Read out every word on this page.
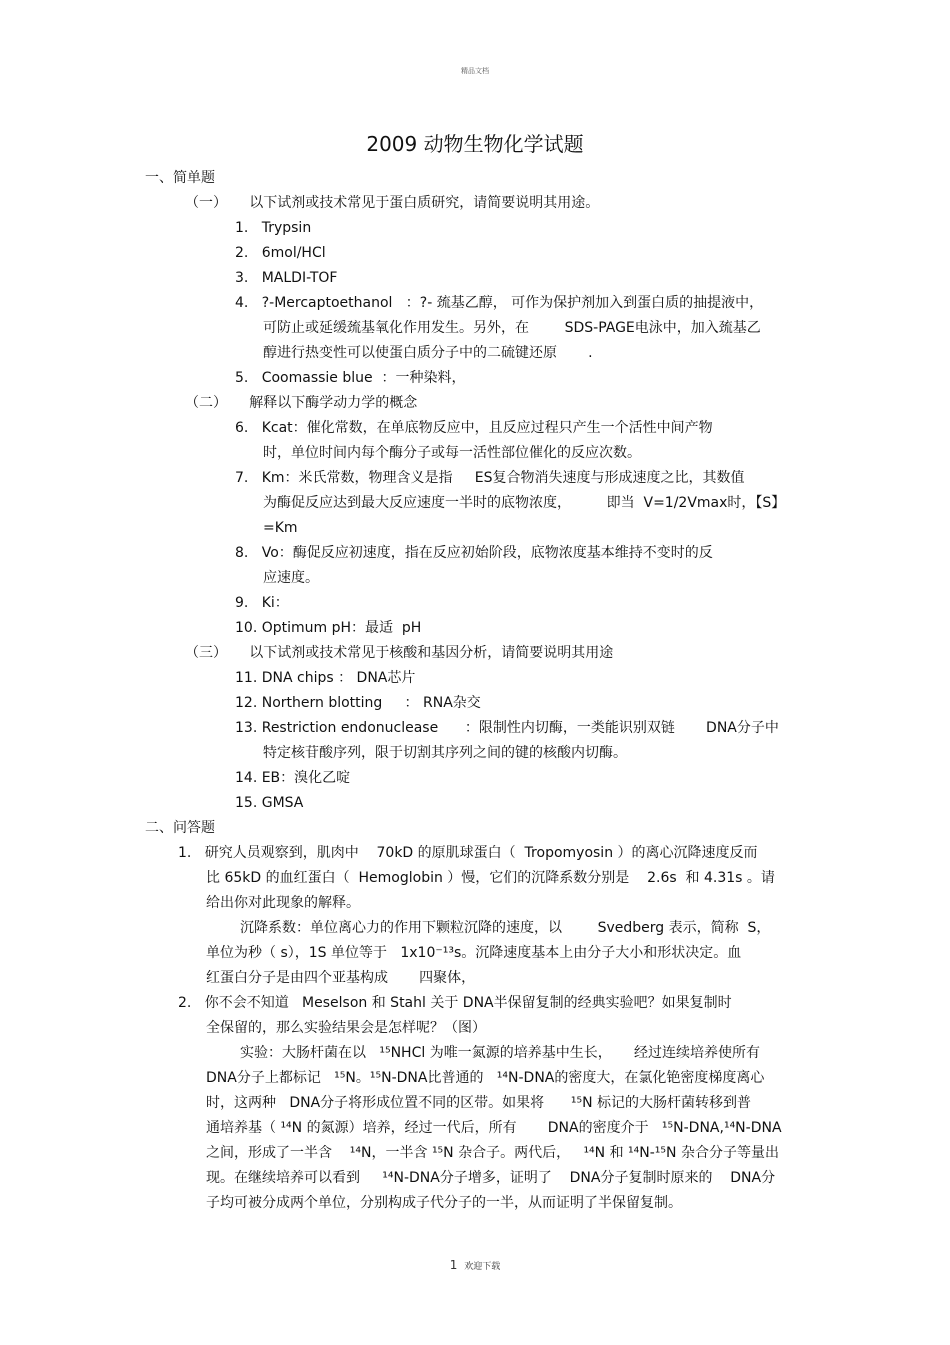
精品文档
2009 动物生物化学试题
一、简单题
（一）     以下试剂或技术常见于蛋白质研究，请简要说明其用途。
1.   Trypsin
2.   6mol/HCl
3.   MALDI-TOF
4.   ?-Mercaptoethanol   ：?- 巯基乙醇， 可作为保护剂加入到蛋白质的抽提液中，
可防止或延缓巯基氧化作用发生。另外，在        SDS-PAGE电泳中，加入巯基乙
醇进行热变性可以使蛋白质分子中的二硫键还原       .
5.   Coomassie blue  ：一种染料，
（二）     解释以下酶学动力学的概念
6.   Kcat：催化常数，在单底物反应中，且反应过程只产生一个活性中间产物
时，单位时间内每个酶分子或每一活性部位催化的反应次数。
7.   Km：米氏常数，物理含义是指     ES复合物消失速度与形成速度之比，其数值
为酶促反应达到最大反应速度一半时的底物浓度，        即当  V=1/2Vmax时，【S】
=Km
8.   Vo：酶促反应初速度，指在反应初始阶段，底物浓度基本维持不变时的反
应速度。
9.   Ki：
10. Optimum pH：最适  pH
（三）     以下试剂或技术常见于核酸和基因分析，请简要说明其用途
11. DNA chips ： DNA芯片
12. Northern blotting     ： RNA杂交
13. Restriction endonuclease      ：限制性内切酶，一类能识别双链       DNA分子中
特定核苷酸序列，限于切割其序列之间的键的核酸内切酶。
14. EB：溴化乙啶
15. GMSA
二、问答题
1.   研究人员观察到，肌肉中    70kD 的原肌球蛋白（  Tropomyosin ）的离心沉降速度反而
比 65kD 的血红蛋白（  Hemoglobin ）慢，它们的沉降系数分别是    2.6s  和 4.31s 。请
给出你对此现象的解释。
沉降系数：单位离心力的作用下颗粒沉降的速度，以        Svedberg 表示，简称  S，
单位为秒（ s），1S 单位等于   1x10⁻¹³s。沉降速度基本上由分子大小和形状决定。血
红蛋白分子是由四个亚基构成       四聚体，
2.   你不会不知道   Meselson 和 Stahl 关于 DNA半保留复制的经典实验吧？如果复制时
全保留的，那么实验结果会是怎样呢？（图）
实验：大肠杆菌在以   ¹⁵NHCl 为唯一氮源的培养基中生长，     经过连续培养使所有
DNA分子上都标记   ¹⁵N。¹⁵N-DNA比普通的   ¹⁴N-DNA的密度大，在氯化铯密度梯度离心
时，这两种   DNA分子将形成位置不同的区带。如果将      ¹⁵N 标记的大肠杆菌转移到普
通培养基（ ¹⁴N 的氮源）培养，经过一代后，所有       DNA的密度介于   ¹⁵N-DNA,¹⁴N-DNA
之间，形成了一半含    ¹⁴N，一半含 ¹⁵N 杂合子。两代后，   ¹⁴N 和 ¹⁴N-¹⁵N 杂合分子等量出
现。在继续培养可以看到     ¹⁴N-DNA分子增多，证明了    DNA分子复制时原来的    DNA分
子均可被分成两个单位，分别构成子代分子的一半，从而证明了半保留复制。
1 欢迎下载
